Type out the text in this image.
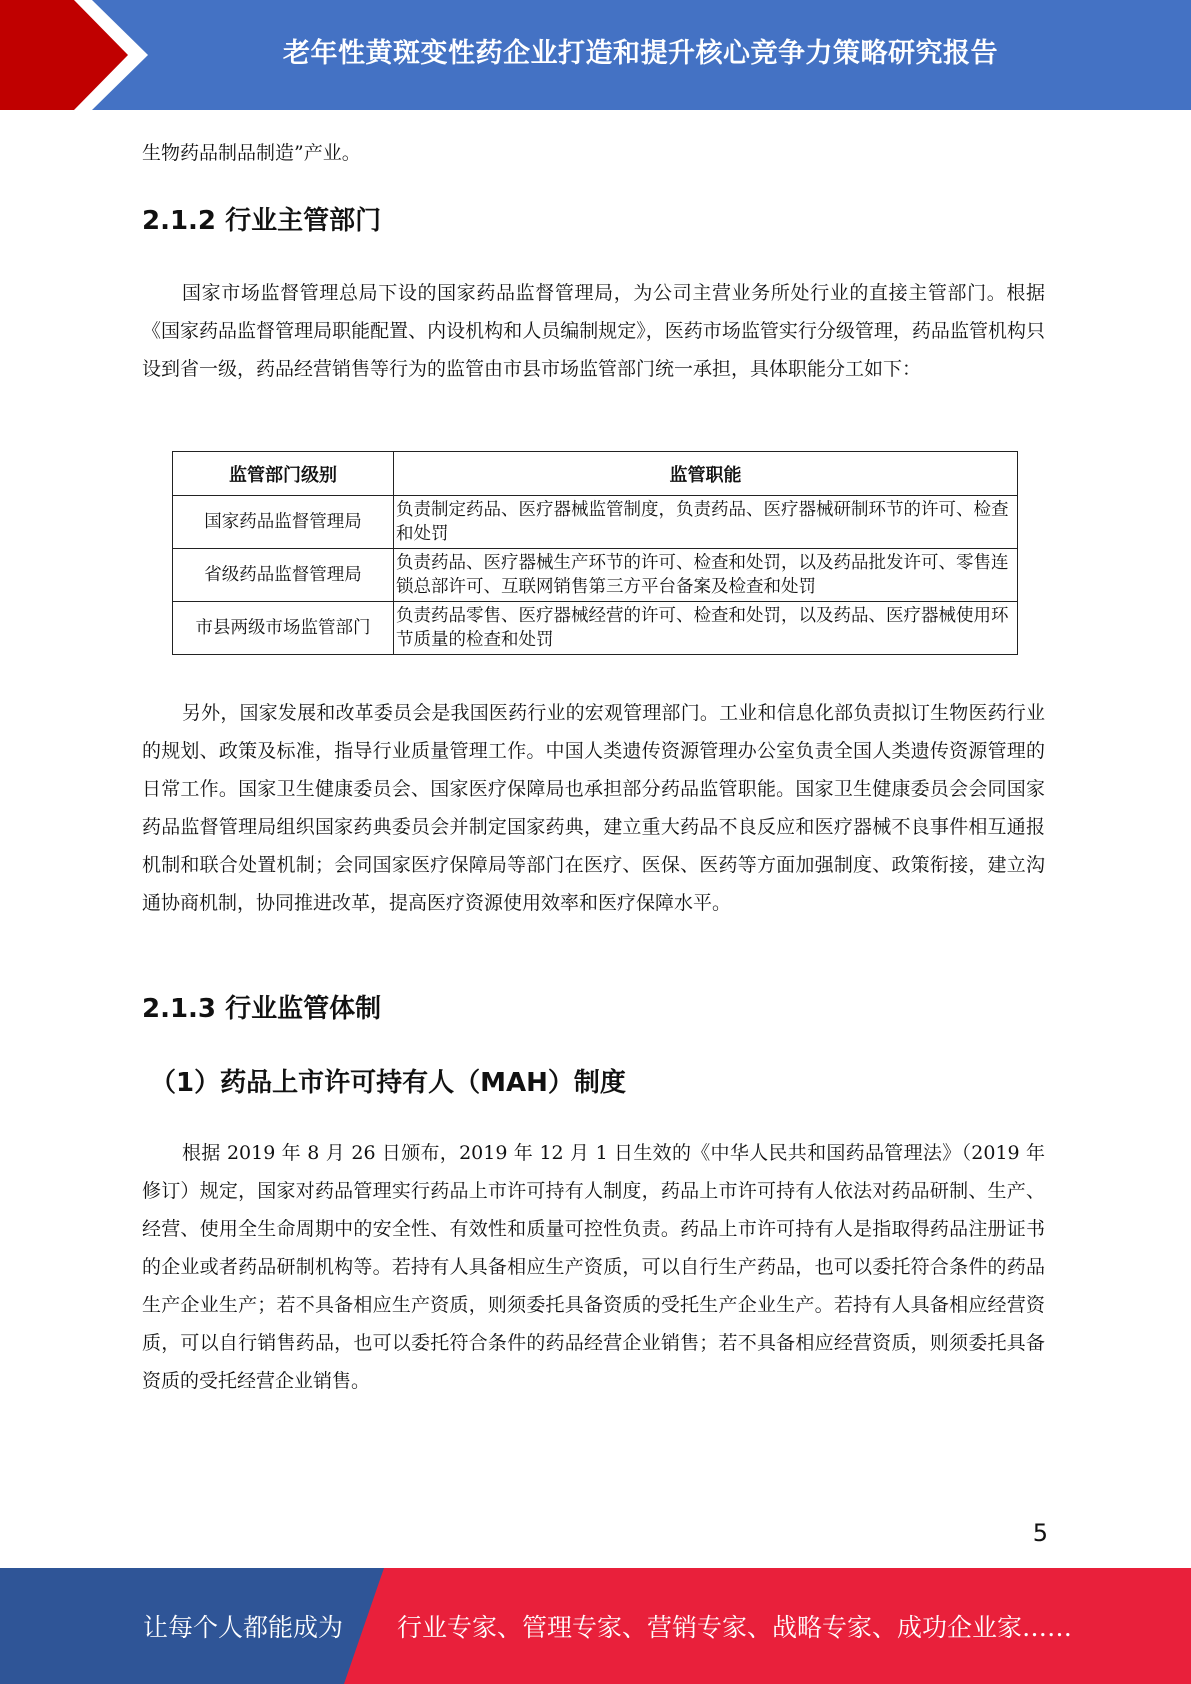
老年性黄斑变性药企业打造和提升核心竞争力策略研究报告

生物药品制品制造”产业。

2.1.2 行业主管部门

国家市场监督管理总局下设的国家药品监督管理局，为公司主营业务所处行业的直接主管部门。根据《国家药品监督管理局职能配置、内设机构和人员编制规定》，医药市场监管实行分级管理，药品监管机构只设到省一级，药品经营销售等行为的监管由市县市场监管部门统一承担，具体职能分工如下：

监管部门级别	监管职能
国家药品监督管理局	负责制定药品、医疗器械监管制度，负责药品、医疗器械研制环节的许可、检查和处罚
省级药品监督管理局	负责药品、医疗器械生产环节的许可、检查和处罚，以及药品批发许可、零售连锁总部许可、互联网销售第三方平台备案及检查和处罚
市县两级市场监管部门	负责药品零售、医疗器械经营的许可、检查和处罚，以及药品、医疗器械使用环节质量的检查和处罚

另外，国家发展和改革委员会是我国医药行业的宏观管理部门。工业和信息化部负责拟订生物医药行业的规划、政策及标准，指导行业质量管理工作。中国人类遗传资源管理办公室负责全国人类遗传资源管理的日常工作。国家卫生健康委员会、国家医疗保障局也承担部分药品监管职能。国家卫生健康委员会会同国家药品监督管理局组织国家药典委员会并制定国家药典，建立重大药品不良反应和医疗器械不良事件相互通报机制和联合处置机制；会同国家医疗保障局等部门在医疗、医保、医药等方面加强制度、政策衔接，建立沟通协商机制，协同推进改革，提高医疗资源使用效率和医疗保障水平。

2.1.3 行业监管体制
（1）药品上市许可持有人（MAH）制度

根据 2019 年 8 月 26 日颁布，2019 年 12 月 1 日生效的《中华人民共和国药品管理法》（2019 年修订）规定，国家对药品管理实行药品上市许可持有人制度，药品上市许可持有人依法对药品研制、生产、经营、使用全生命周期中的安全性、有效性和质量可控性负责。药品上市许可持有人是指取得药品注册证书的企业或者药品研制机构等。若持有人具备相应生产资质，可以自行生产药品，也可以委托符合条件的药品生产企业生产；若不具备相应生产资质，则须委托具备资质的受托生产企业生产。若持有人具备相应经营资质，可以自行销售药品，也可以委托符合条件的药品经营企业销售；若不具备相应经营资质，则须委托具备资质的受托经营企业销售。

5
让每个人都能成为 行业专家、管理专家、营销专家、战略专家、成功企业家……
